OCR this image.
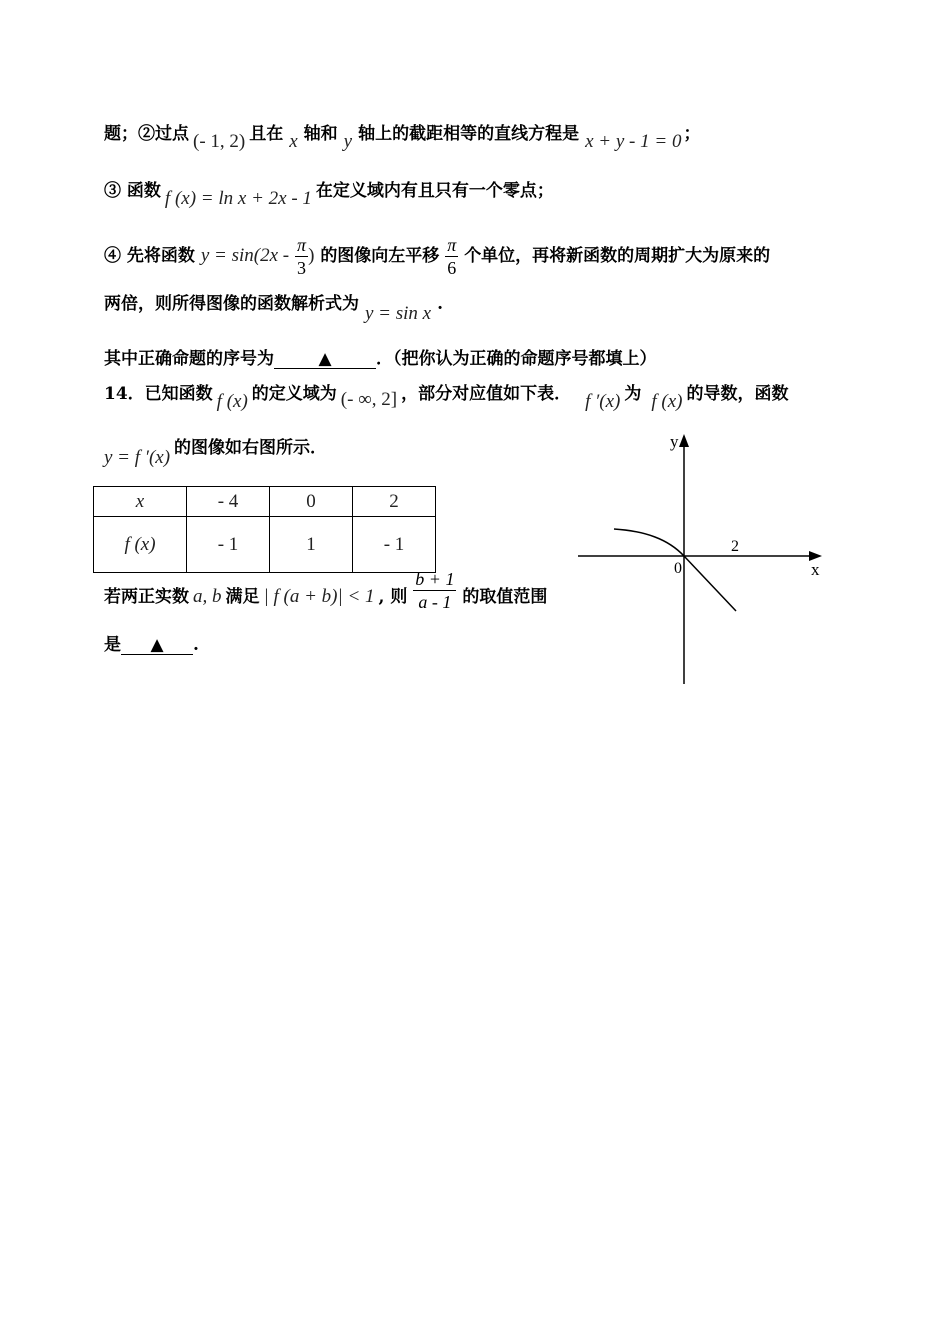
题；②过点 (- 1, 2) 且在 x 轴和 y 轴上的截距相等的直线方程是 x + y - 1 = 0 ；
③ 函数 f (x) = ln x + 2x - 1 在定义域内有且只有一个零点；
④ 先将函数 $y = \sin(2x - \frac{\pi}{3}$ ) 的图像向左平移 $\frac{\pi}{6}$ 个单位，再将新函数的周期扩大为原来的
两倍，则所得图像的函数解析式为 y = sin x .
其中正确命题的序号为	▲	．（把你认为正确的命题序号都填上）
14．已知函数 f (x) 的定义域为 (- ∞, 2] ，部分对应值如下表． f ′(x) 为 f (x) 的导数，函数
y = f ′(x) 的图像如右图所示．
x	- 4	0	2
f (x)	- 1	1	- 1
若两正实数 a, b 满足 | f (a + b)| < 1 , 则 $\frac{b + 1}{a - 1}$ 的取值范围
是 ▲ .
y
x
0
2
